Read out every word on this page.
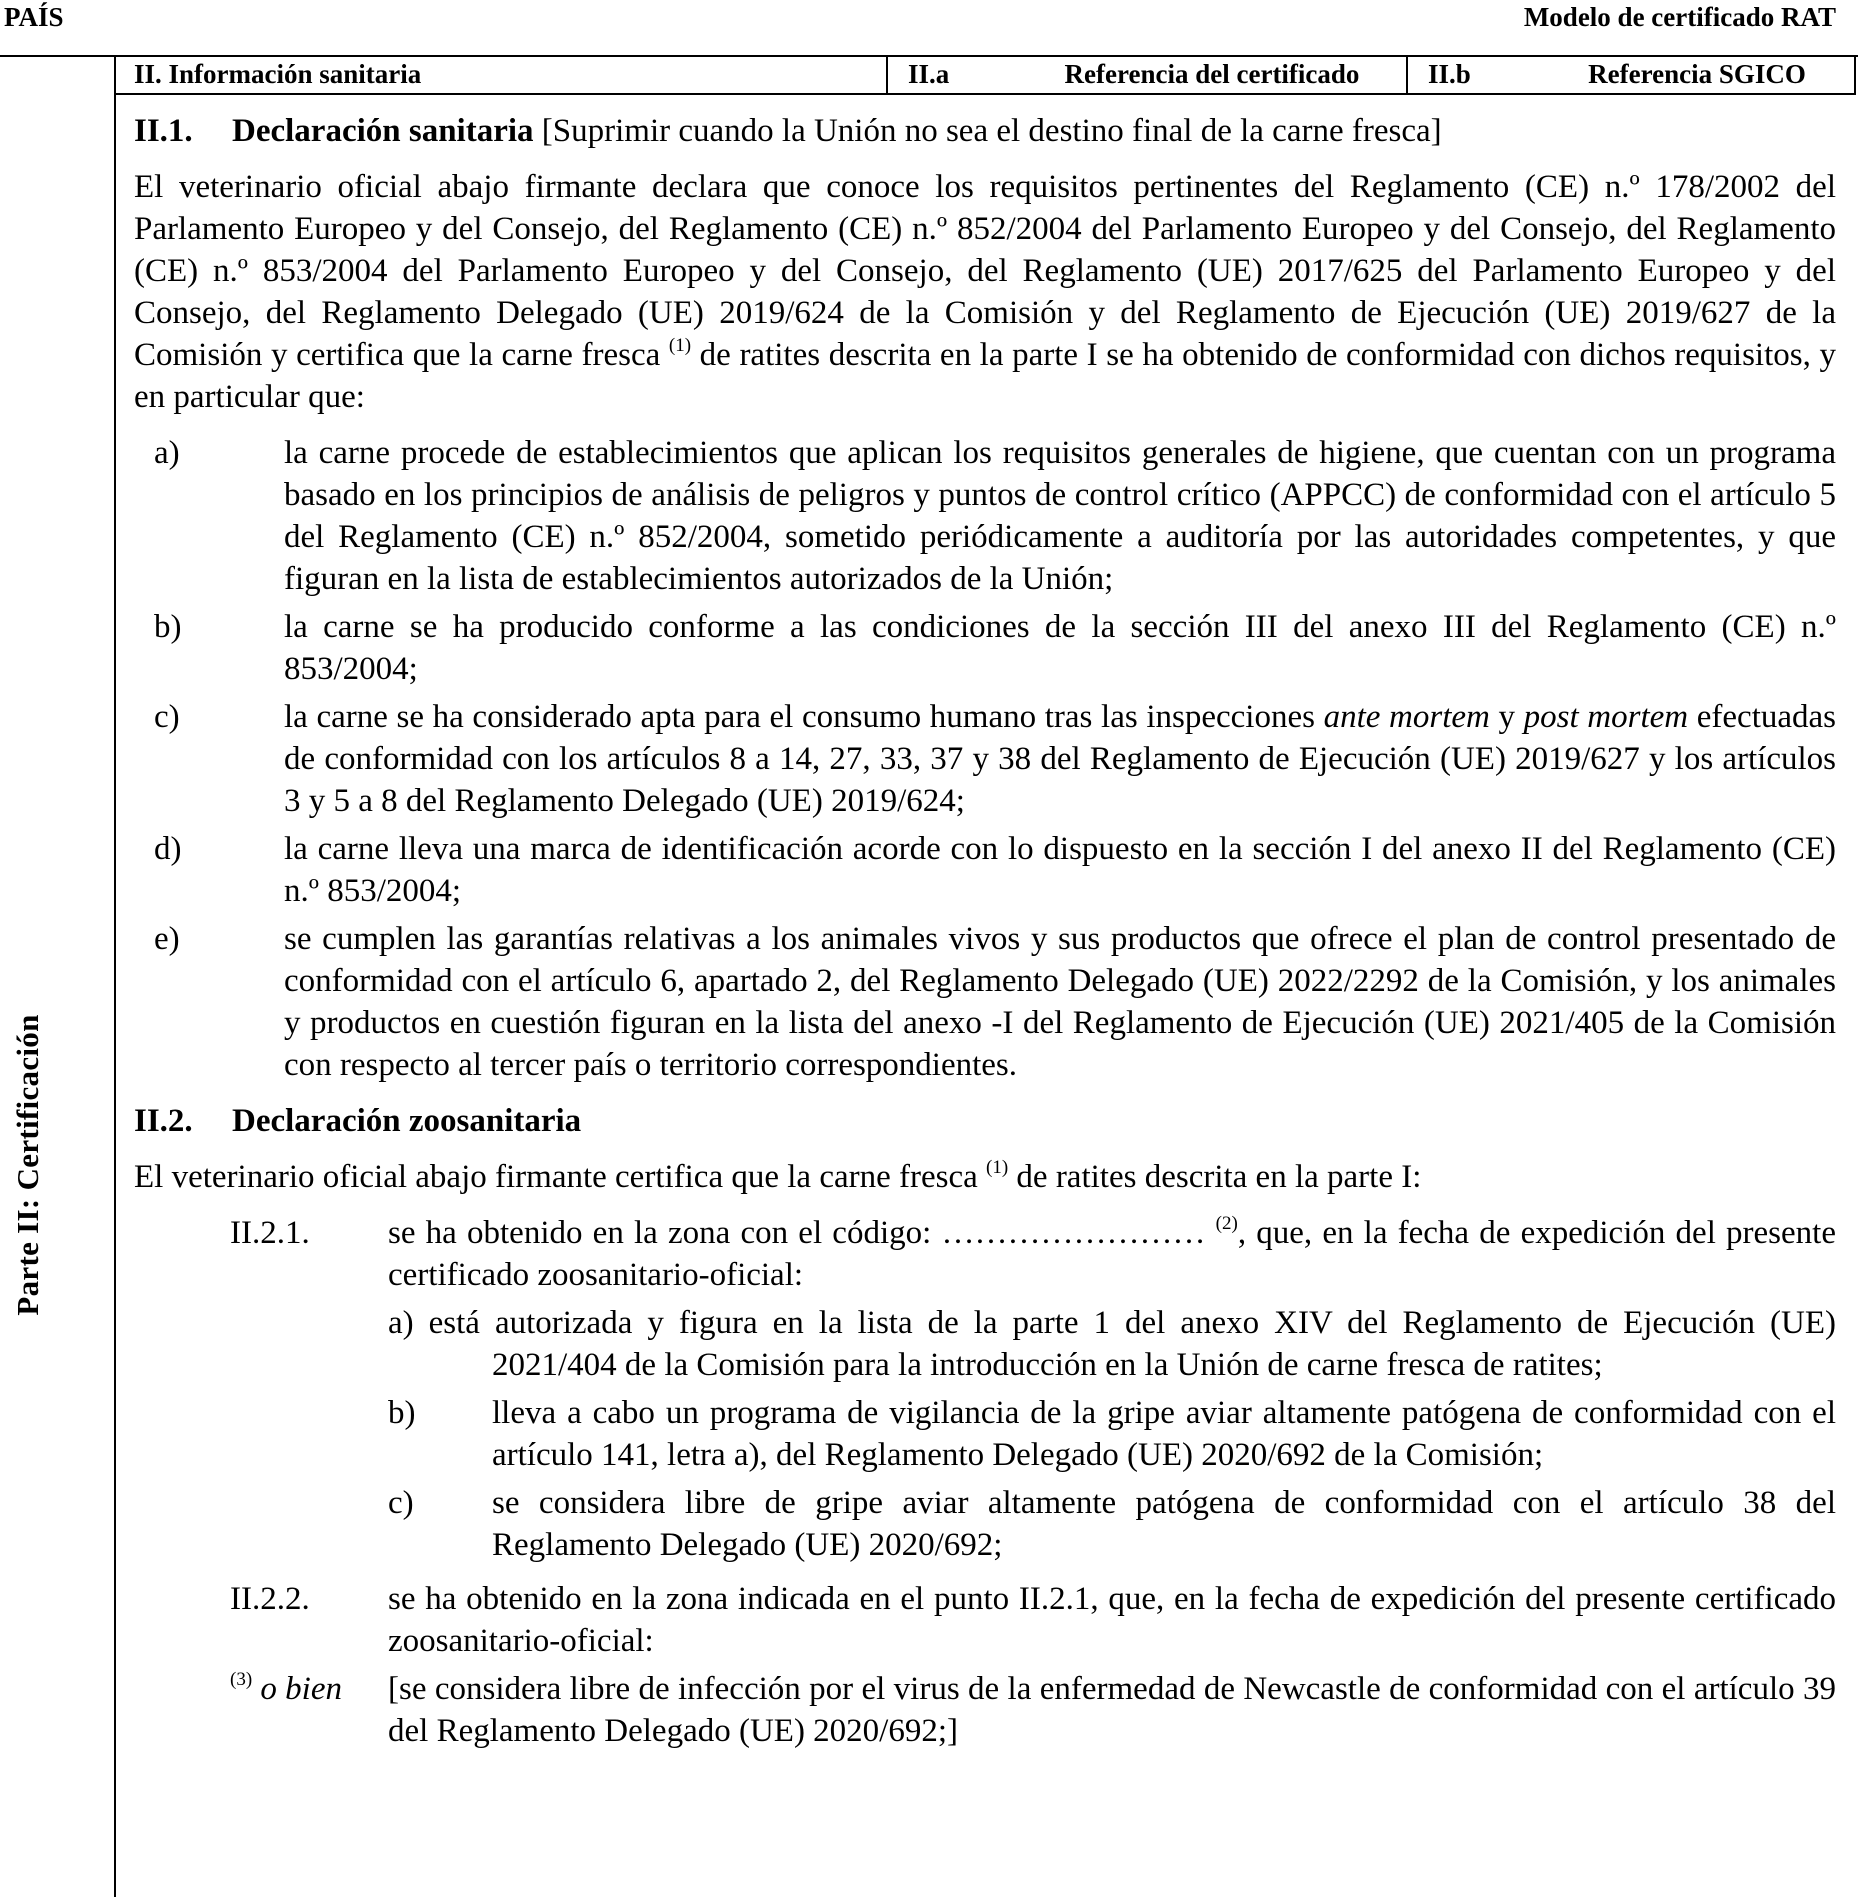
PAÍS	Modelo de certificado RAT
Parte II: Certificación
II. Información sanitaria	II.a	Referencia del certificado	II.b	Referencia SGICO
II.1. Declaración sanitaria [Suprimir cuando la Unión no sea el destino final de la carne fresca]
El veterinario oficial abajo firmante declara que conoce los requisitos pertinentes del Reglamento (CE) n.º 178/2002 del Parlamento Europeo y del Consejo, del Reglamento (CE) n.º 852/2004 del Parlamento Europeo y del Consejo, del Reglamento (CE) n.º 853/2004 del Parlamento Europeo y del Consejo, del Reglamento (UE) 2017/625 del Parlamento Europeo y del Consejo, del Reglamento Delegado (UE) 2019/624 de la Comisión y del Reglamento de Ejecución (UE) 2019/627 de la Comisión y certifica que la carne fresca $^{(1)}$ de ratites descrita en la parte I se ha obtenido de conformidad con dichos requisitos, y en particular que:
a)	la carne procede de establecimientos que aplican los requisitos generales de higiene, que cuentan con un programa basado en los principios de análisis de peligros y puntos de control crítico (APPCC) de conformidad con el artículo 5 del Reglamento (CE) n.º 852/2004, sometido periódicamente a auditoría por las autoridades competentes, y que figuran en la lista de establecimientos autorizados de la Unión;
b)	la carne se ha producido conforme a las condiciones de la sección III del anexo III del Reglamento (CE) n.º 853/2004;
c)	la carne se ha considerado apta para el consumo humano tras las inspecciones ante mortem y post mortem efectuadas de conformidad con los artículos 8 a 14, 27, 33, 37 y 38 del Reglamento de Ejecución (UE) 2019/627 y los artículos 3 y 5 a 8 del Reglamento Delegado (UE) 2019/624;
d)	la carne lleva una marca de identificación acorde con lo dispuesto en la sección I del anexo II del Reglamento (CE) n.º 853/2004;
e)	se cumplen las garantías relativas a los animales vivos y sus productos que ofrece el plan de control presentado de conformidad con el artículo 6, apartado 2, del Reglamento Delegado (UE) 2022/2292 de la Comisión, y los animales y productos en cuestión figuran en la lista del anexo -I del Reglamento de Ejecución (UE) 2021/405 de la Comisión con respecto al tercer país o territorio correspondientes.
II.2. Declaración zoosanitaria
El veterinario oficial abajo firmante certifica que la carne fresca $^{(1)}$ de ratites descrita en la parte I:
II.2.1.	se ha obtenido en la zona con el código: …………………… $^{(2)}$, que, en la fecha de expedición del presente certificado zoosanitario-oficial:
a) está autorizada y figura en la lista de la parte 1 del anexo XIV del Reglamento de Ejecución (UE) 2021/404 de la Comisión para la introducción en la Unión de carne fresca de ratites;
b)	lleva a cabo un programa de vigilancia de la gripe aviar altamente patógena de conformidad con el artículo 141, letra a), del Reglamento Delegado (UE) 2020/692 de la Comisión;
c)	se considera libre de gripe aviar altamente patógena de conformidad con el artículo 38 del Reglamento Delegado (UE) 2020/692;
II.2.2.	se ha obtenido en la zona indicada en el punto II.2.1, que, en la fecha de expedición del presente certificado zoosanitario-oficial:
$^{(3)}$ o bien	[se considera libre de infección por el virus de la enfermedad de Newcastle de conformidad con el artículo 39 del Reglamento Delegado (UE) 2020/692;]
